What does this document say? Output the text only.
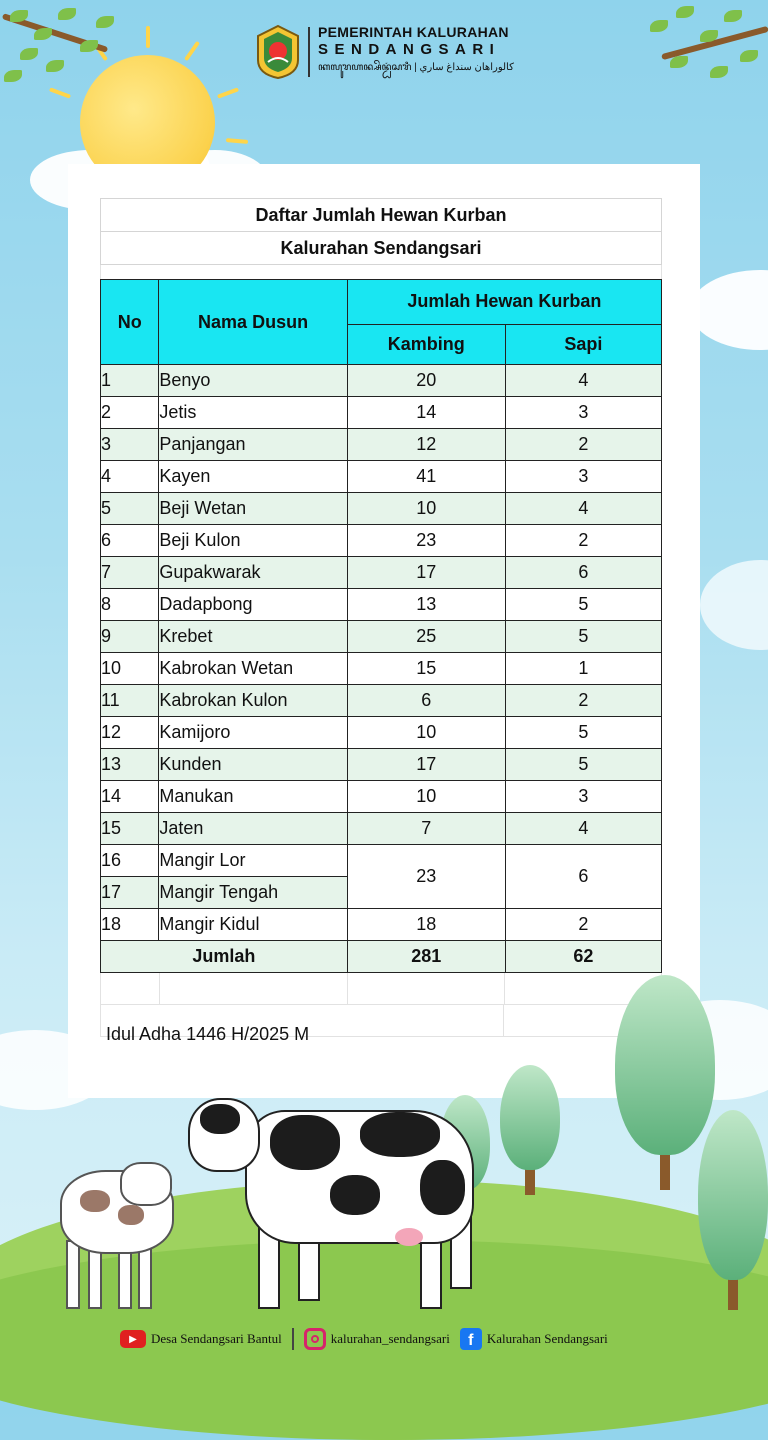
PEMERINTAH KALURAHAN
SENDANGSARI
ꦏꦭꦸꦫꦲꦤ꧀ꦱꦼꦤ꧀ꦝꦁꦱꦫꦶ | كالوراهان سنداغ ساري
Daftar Jumlah Hewan Kurban
Kalurahan Sendangsari
No	Nama Dusun	Jumlah Hewan Kurban	
		Kambing	Sapi
1	Benyo	20	4
2	Jetis	14	3
3	Panjangan	12	2
4	Kayen	41	3
5	Beji Wetan	10	4
6	Beji Kulon	23	2
7	Gupakwarak	17	6
8	Dadapbong	13	5
9	Krebet	25	5
10	Kabrokan Wetan	15	1
11	Kabrokan Kulon	6	2
12	Kamijoro	10	5
13	Kunden	17	5
14	Manukan	10	3
15	Jaten	7	4
16	Mangir Lor	23	6
17	Mangir Tengah		
18	Mangir Kidul	18	2
Jumlah		281	62
Idul Adha 1446 H/2025 M
▶	Desa Sendangsari Bantul	kalurahan_sendangsari	f	Kalurahan Sendangsari
